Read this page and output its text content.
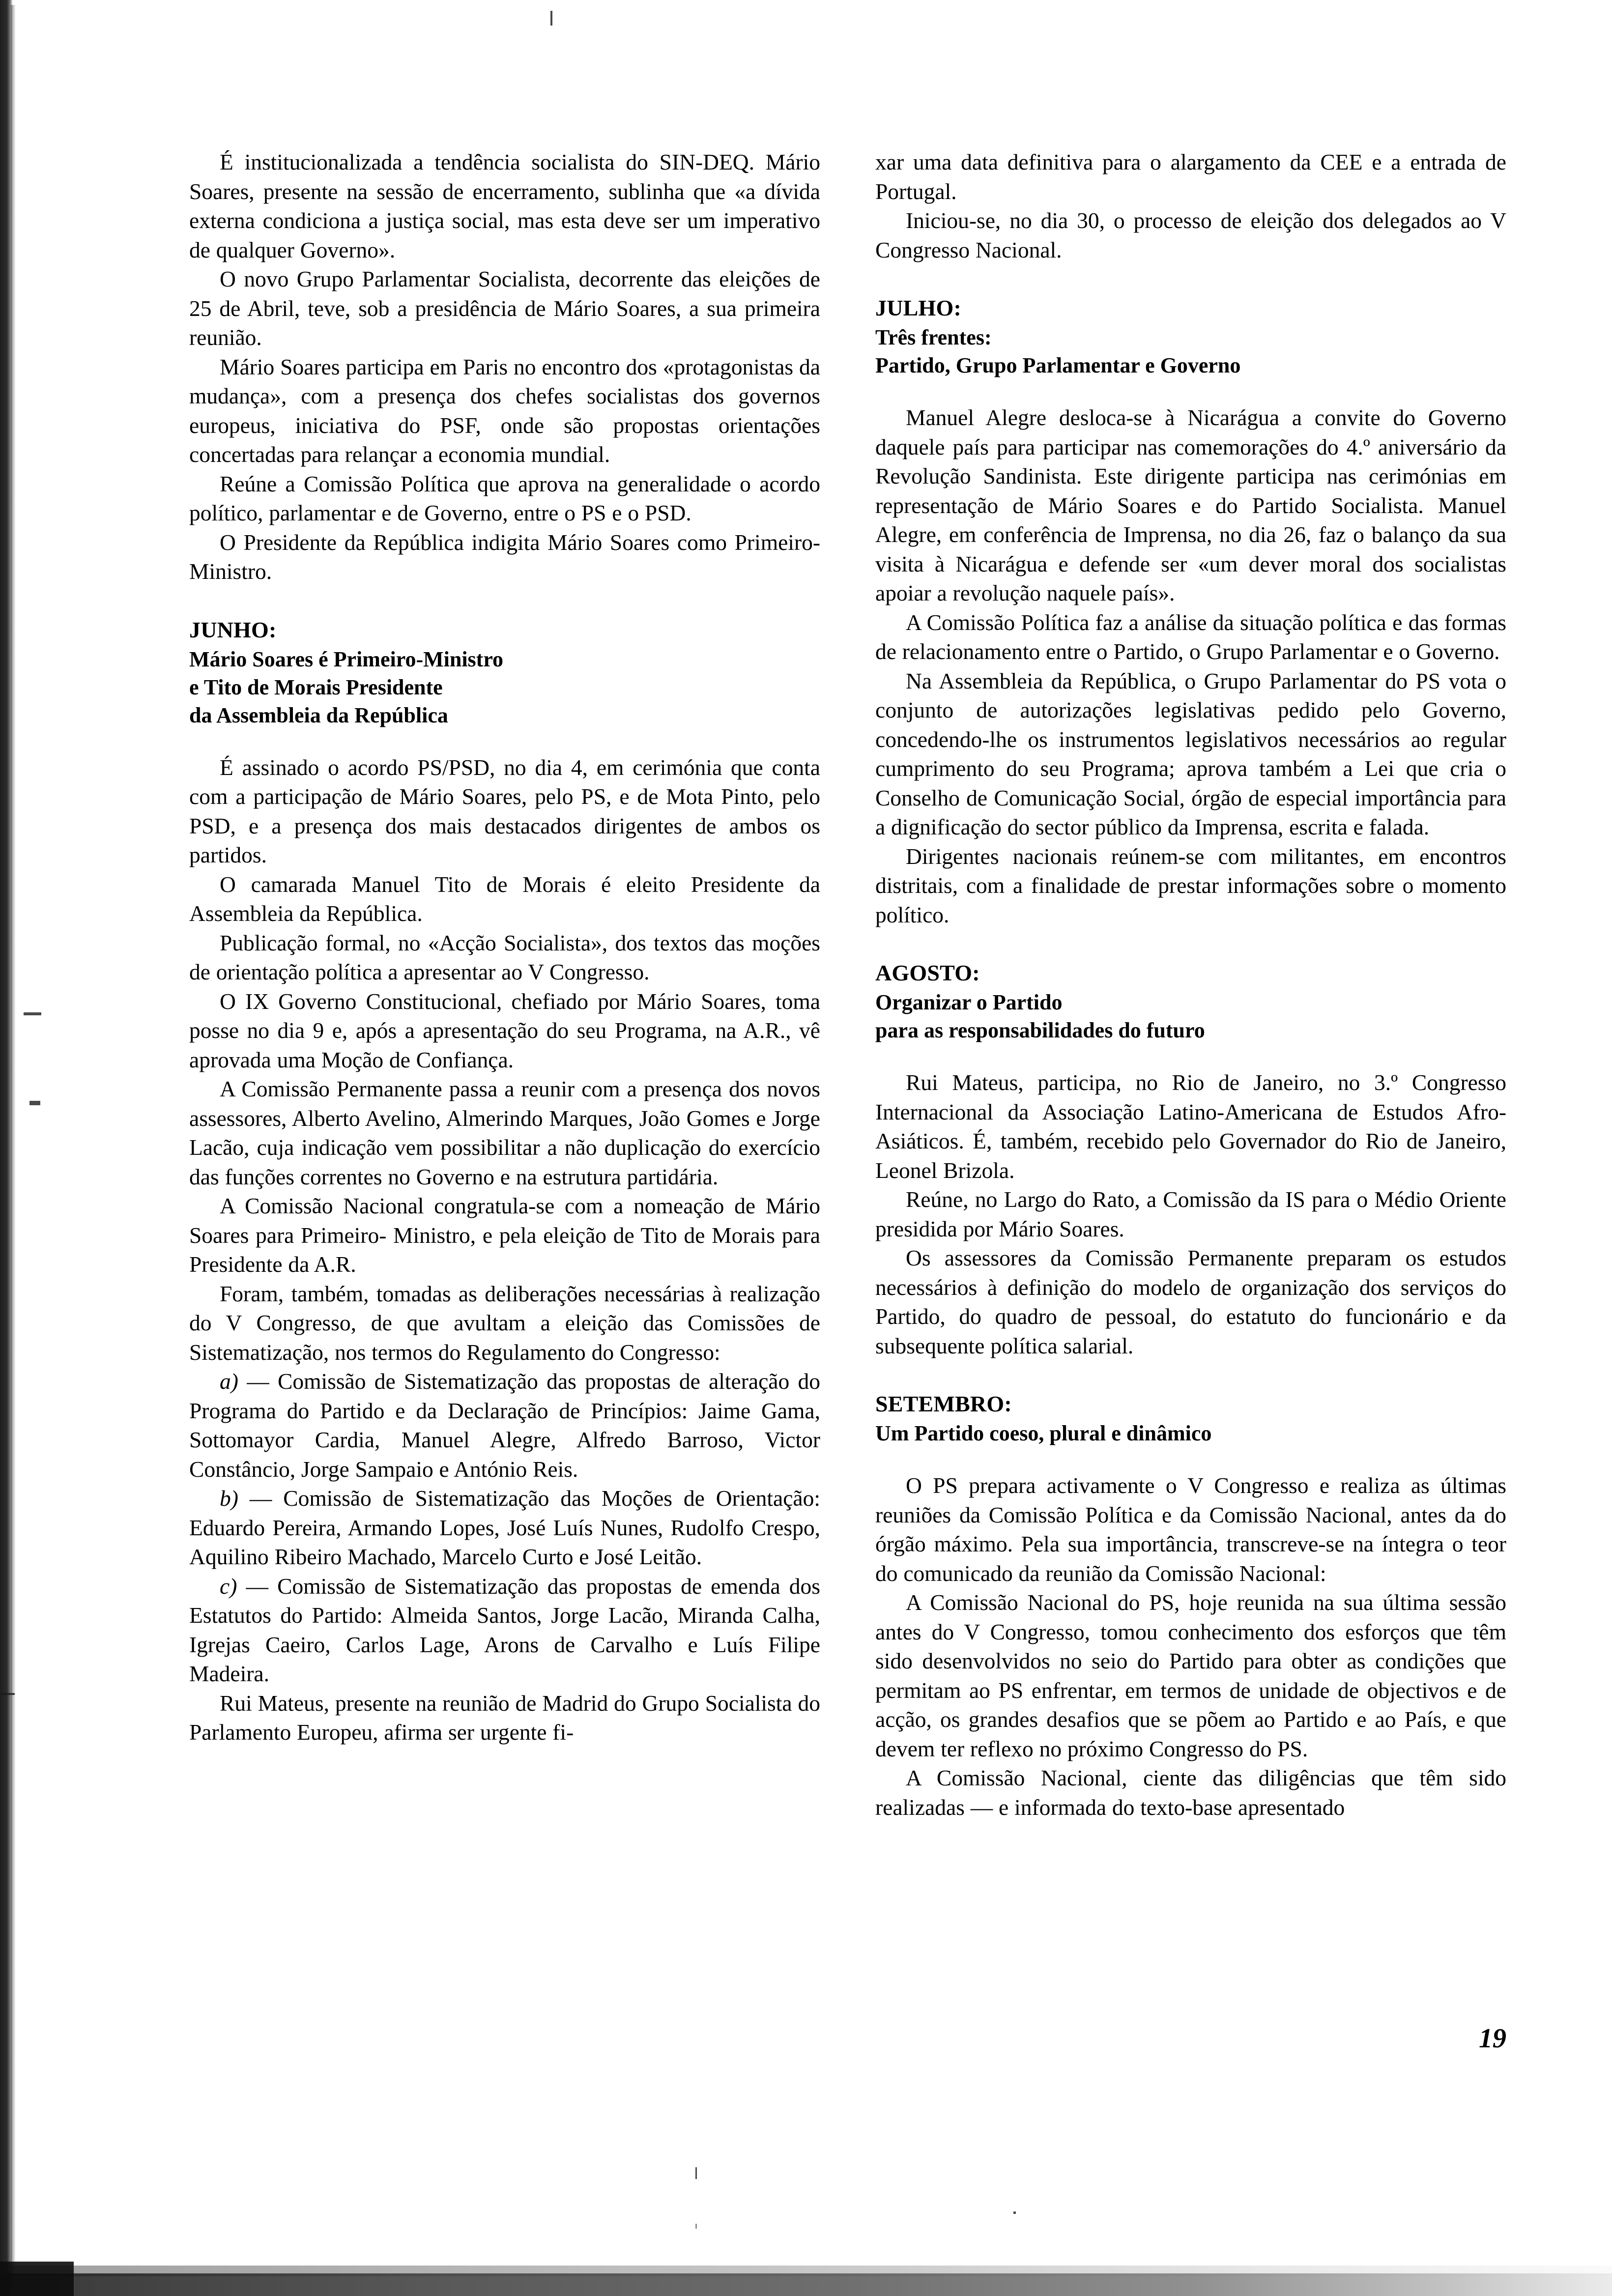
É institucionalizada a tendência socialista do SIN-DEQ. Mário Soares, presente na sessão de encerramento, sublinha que «a dívida externa condiciona a justiça social, mas esta deve ser um imperativo de qualquer Governo».

O novo Grupo Parlamentar Socialista, decorrente das eleições de 25 de Abril, teve, sob a presidência de Mário Soares, a sua primeira reunião.

Mário Soares participa em Paris no encontro dos «protagonistas da mudança», com a presença dos chefes socialistas dos governos europeus, iniciativa do PSF, onde são propostas orientações concertadas para relançar a economia mundial.

Reúne a Comissão Política que aprova na generalidade o acordo político, parlamentar e de Governo, entre o PS e o PSD.

O Presidente da República indigita Mário Soares como Primeiro-Ministro.

JUNHO:
Mário Soares é Primeiro-Ministro
e Tito de Morais Presidente
da Assembleia da República

É assinado o acordo PS/PSD, no dia 4, em cerimónia que conta com a participação de Mário Soares, pelo PS, e de Mota Pinto, pelo PSD, e a presença dos mais destacados dirigentes de ambos os partidos.

O camarada Manuel Tito de Morais é eleito Presidente da Assembleia da República.

Publicação formal, no «Acção Socialista», dos textos das moções de orientação política a apresentar ao V Congresso.

O IX Governo Constitucional, chefiado por Mário Soares, toma posse no dia 9 e, após a apresentação do seu Programa, na A.R., vê aprovada uma Moção de Confiança.

A Comissão Permanente passa a reunir com a presença dos novos assessores, Alberto Avelino, Almerindo Marques, João Gomes e Jorge Lacão, cuja indicação vem possibilitar a não duplicação do exercício das funções correntes no Governo e na estrutura partidária.

A Comissão Nacional congratula-se com a nomeação de Mário Soares para Primeiro- Ministro, e pela eleição de Tito de Morais para Presidente da A.R.

Foram, também, tomadas as deliberações necessárias à realização do V Congresso, de que avultam a eleição das Comissões de Sistematização, nos termos do Regulamento do Congresso:

a) — Comissão de Sistematização das propostas de alteração do Programa do Partido e da Declaração de Princípios: Jaime Gama, Sottomayor Cardia, Manuel Alegre, Alfredo Barroso, Victor Constâncio, Jorge Sampaio e António Reis.

b) — Comissão de Sistematização das Moções de Orientação: Eduardo Pereira, Armando Lopes, José Luís Nunes, Rudolfo Crespo, Aquilino Ribeiro Machado, Marcelo Curto e José Leitão.

c) — Comissão de Sistematização das propostas de emenda dos Estatutos do Partido: Almeida Santos, Jorge Lacão, Miranda Calha, Igrejas Caeiro, Carlos Lage, Arons de Carvalho e Luís Filipe Madeira.

Rui Mateus, presente na reunião de Madrid do Grupo Socialista do Parlamento Europeu, afirma ser urgente fi-

xar uma data definitiva para o alargamento da CEE e a entrada de Portugal.

Iniciou-se, no dia 30, o processo de eleição dos delegados ao V Congresso Nacional.

JULHO:
Três frentes:
Partido, Grupo Parlamentar e Governo

Manuel Alegre desloca-se à Nicarágua a convite do Governo daquele país para participar nas comemorações do 4.º aniversário da Revolução Sandinista. Este dirigente participa nas cerimónias em representação de Mário Soares e do Partido Socialista. Manuel Alegre, em conferência de Imprensa, no dia 26, faz o balanço da sua visita à Nicarágua e defende ser «um dever moral dos socialistas apoiar a revolução naquele país».

A Comissão Política faz a análise da situação política e das formas de relacionamento entre o Partido, o Grupo Parlamentar e o Governo.

Na Assembleia da República, o Grupo Parlamentar do PS vota o conjunto de autorizações legislativas pedido pelo Governo, concedendo-lhe os instrumentos legislativos necessários ao regular cumprimento do seu Programa; aprova também a Lei que cria o Conselho de Comunicação Social, órgão de especial importância para a dignificação do sector público da Imprensa, escrita e falada.

Dirigentes nacionais reúnem-se com militantes, em encontros distritais, com a finalidade de prestar informações sobre o momento político.

AGOSTO:
Organizar o Partido
para as responsabilidades do futuro

Rui Mateus, participa, no Rio de Janeiro, no 3.º Congresso Internacional da Associação Latino-Americana de Estudos Afro-Asiáticos. É, também, recebido pelo Governador do Rio de Janeiro, Leonel Brizola.

Reúne, no Largo do Rato, a Comissão da IS para o Médio Oriente presidida por Mário Soares.

Os assessores da Comissão Permanente preparam os estudos necessários à definição do modelo de organização dos serviços do Partido, do quadro de pessoal, do estatuto do funcionário e da subsequente política salarial.

SETEMBRO:
Um Partido coeso, plural e dinâmico

O PS prepara activamente o V Congresso e realiza as últimas reuniões da Comissão Política e da Comissão Nacional, antes da do órgão máximo. Pela sua importância, transcreve-se na íntegra o teor do comunicado da reunião da Comissão Nacional:

A Comissão Nacional do PS, hoje reunida na sua última sessão antes do V Congresso, tomou conhecimento dos esforços que têm sido desenvolvidos no seio do Partido para obter as condições que permitam ao PS enfrentar, em termos de unidade de objectivos e de acção, os grandes desafios que se põem ao Partido e ao País, e que devem ter reflexo no próximo Congresso do PS.

A Comissão Nacional, ciente das diligências que têm sido realizadas — e informada do texto-base apresentado

19
